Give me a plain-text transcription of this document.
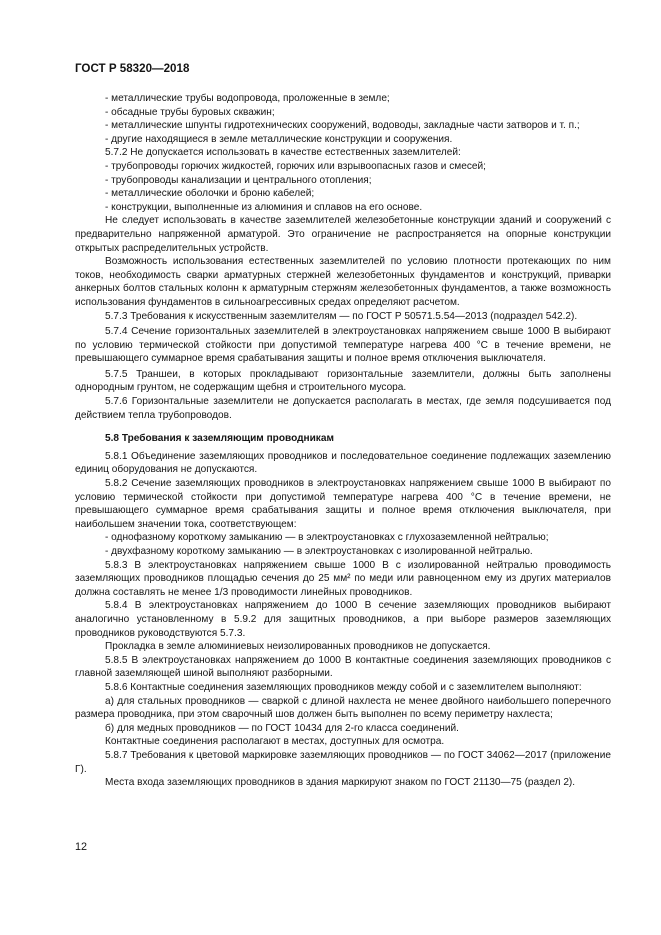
ГОСТ Р 58320—2018

- металлические трубы водопровода, проложенные в земле;

- обсадные трубы буровых скважин;

- металлические шпунты гидротехнических сооружений, водоводы, закладные части затворов и т. п.;

- другие находящиеся в земле металлические конструкции и сооружения.

5.7.2 Не допускается использовать в качестве естественных заземлителей:

- трубопроводы горючих жидкостей, горючих или взрывоопасных газов и смесей;

- трубопроводы канализации и центрального отопления;

- металлические оболочки и броню кабелей;

- конструкции, выполненные из алюминия и сплавов на его основе.

Не следует использовать в качестве заземлителей железобетонные конструкции зданий и сооружений с предварительно напряженной арматурой. Это ограничение не распространяется на опорные конструкции открытых распределительных устройств.

Возможность использования естественных заземлителей по условию плотности протекающих по ним токов, необходимость сварки арматурных стержней железобетонных фундаментов и конструкций, приварки анкерных болтов стальных колонн к арматурным стержням железобетонных фундаментов, а также возможность использования фундаментов в сильноагрессивных средах определяют расчетом.

5.7.3 Требования к искусственным заземлителям — по ГОСТ Р 50571.5.54—2013 (подраздел 542.2).

5.7.4 Сечение горизонтальных заземлителей в электроустановках напряжением свыше 1000 В выбирают по условию термической стойкости при допустимой температуре нагрева 400 °С в течение времени, не превышающего суммарное время срабатывания защиты и полное время отключения выключателя.

5.7.5 Траншеи, в которых прокладывают горизонтальные заземлители, должны быть заполнены однородным грунтом, не содержащим щебня и строительного мусора.

5.7.6 Горизонтальные заземлители не допускается располагать в местах, где земля подсушивается под действием тепла трубопроводов.

5.8 Требования к заземляющим проводникам

5.8.1 Объединение заземляющих проводников и последовательное соединение подлежащих заземлению единиц оборудования не допускаются.

5.8.2 Сечение заземляющих проводников в электроустановках напряжением свыше 1000 В выбирают по условию термической стойкости при допустимой температуре нагрева 400 °С в течение времени, не превышающего суммарное время срабатывания защиты и полное время отключения выключателя, при наибольшем значении тока, соответствующем:

- однофазному короткому замыканию — в электроустановках с глухозаземленной нейтралью;

- двухфазному короткому замыканию — в электроустановках с изолированной нейтралью.

5.8.3 В электроустановках напряжением свыше 1000 В с изолированной нейтралью проводимость заземляющих проводников площадью сечения до 25 мм² по меди или равноценном ему из других материалов должна составлять не менее 1/3 проводимости линейных проводников.

5.8.4 В электроустановках напряжением до 1000 В сечение заземляющих проводников выбирают аналогично установленному в 5.9.2 для защитных проводников, а при выборе размеров заземляющих проводников руководствуются 5.7.3.

Прокладка в земле алюминиевых неизолированных проводников не допускается.

5.8.5 В электроустановках напряжением до 1000 В контактные соединения заземляющих проводников с главной заземляющей шиной выполняют разборными.

5.8.6 Контактные соединения заземляющих проводников между собой и с заземлителем выполняют:

а) для стальных проводников — сваркой с длиной нахлеста не менее двойного наибольшего поперечного размера проводника, при этом сварочный шов должен быть выполнен по всему периметру нахлеста;

б) для медных проводников — по ГОСТ 10434 для 2-го класса соединений.

Контактные соединения располагают в местах, доступных для осмотра.

5.8.7 Требования к цветовой маркировке заземляющих проводников — по ГОСТ 34062—2017 (приложение Г).

Места входа заземляющих проводников в здания маркируют знаком по ГОСТ 21130—75 (раздел 2).

12
